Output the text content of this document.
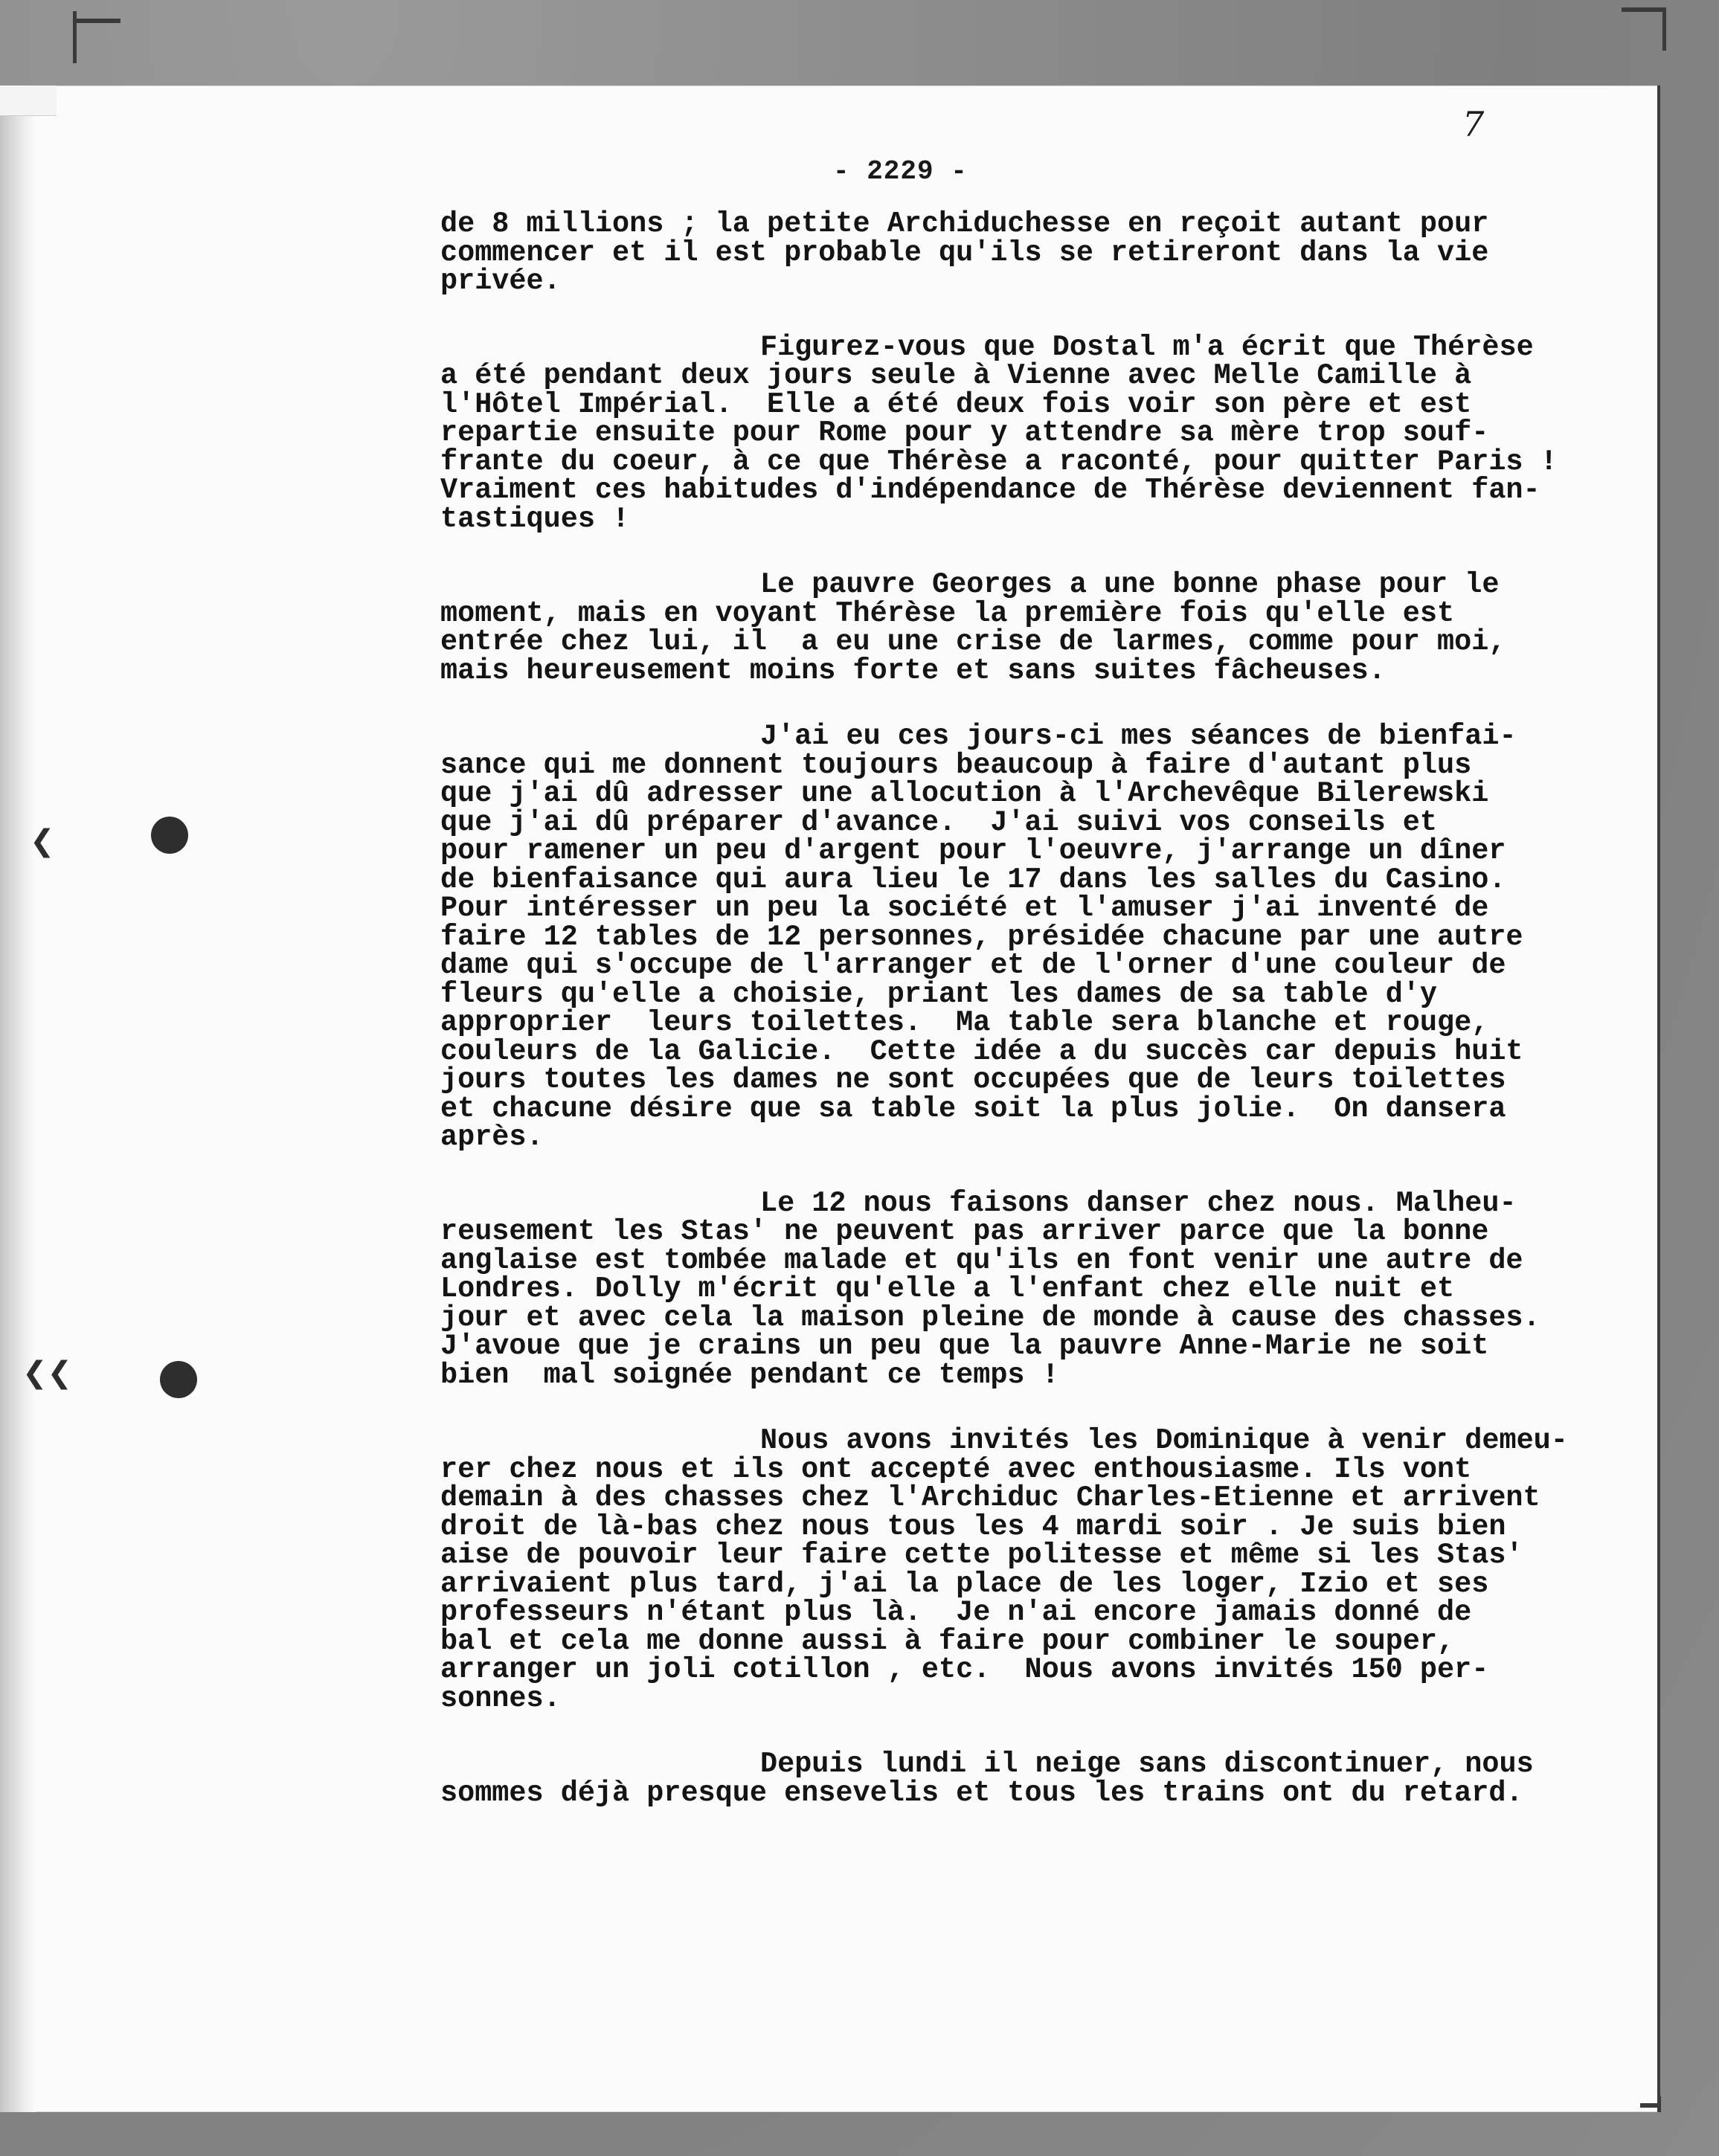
❮
❮❮
7
- 2229 -
de 8 millions ; la petite Archiduchesse en reçoit autant pour
commencer et il est probable qu'ils se retireront dans la vie
privée.
Figurez-vous que Dostal m'a écrit que Thérèse
a été pendant deux jours seule à Vienne avec Melle Camille à
l'Hôtel Impérial.  Elle a été deux fois voir son père et est
repartie ensuite pour Rome pour y attendre sa mère trop souf-
frante du coeur, à ce que Thérèse a raconté, pour quitter Paris !
Vraiment ces habitudes d'indépendance de Thérèse deviennent fan-
tastiques !
Le pauvre Georges a une bonne phase pour le
moment, mais en voyant Thérèse la première fois qu'elle est
entrée chez lui, il  a eu une crise de larmes, comme pour moi,
mais heureusement moins forte et sans suites fâcheuses.
J'ai eu ces jours-ci mes séances de bienfai-
sance qui me donnent toujours beaucoup à faire d'autant plus
que j'ai dû adresser une allocution à l'Archevêque Bilerewski
que j'ai dû préparer d'avance.  J'ai suivi vos conseils et
pour ramener un peu d'argent pour l'oeuvre, j'arrange un dîner
de bienfaisance qui aura lieu le 17 dans les salles du Casino.
Pour intéresser un peu la société et l'amuser j'ai inventé de
faire 12 tables de 12 personnes, présidée chacune par une autre
dame qui s'occupe de l'arranger et de l'orner d'une couleur de
fleurs qu'elle a choisie, priant les dames de sa table d'y
approprier  leurs toilettes.  Ma table sera blanche et rouge,
couleurs de la Galicie.  Cette idée a du succès car depuis huit
jours toutes les dames ne sont occupées que de leurs toilettes
et chacune désire que sa table soit la plus jolie.  On dansera
après.
Le 12 nous faisons danser chez nous. Malheu-
reusement les Stas' ne peuvent pas arriver parce que la bonne
anglaise est tombée malade et qu'ils en font venir une autre de
Londres. Dolly m'écrit qu'elle a l'enfant chez elle nuit et
jour et avec cela la maison pleine de monde à cause des chasses.
J'avoue que je crains un peu que la pauvre Anne-Marie ne soit
bien  mal soignée pendant ce temps !
Nous avons invités les Dominique à venir demeu-
rer chez nous et ils ont accepté avec enthousiasme. Ils vont
demain à des chasses chez l'Archiduc Charles-Etienne et arrivent
droit de là-bas chez nous tous les 4 mardi soir . Je suis bien
aise de pouvoir leur faire cette politesse et même si les Stas'
arrivaient plus tard, j'ai la place de les loger, Izio et ses
professeurs n'étant plus là.  Je n'ai encore jamais donné de
bal et cela me donne aussi à faire pour combiner le souper,
arranger un joli cotillon , etc.  Nous avons invités 150 per-
sonnes.
Depuis lundi il neige sans discontinuer, nous
sommes déjà presque ensevelis et tous les trains ont du retard.
